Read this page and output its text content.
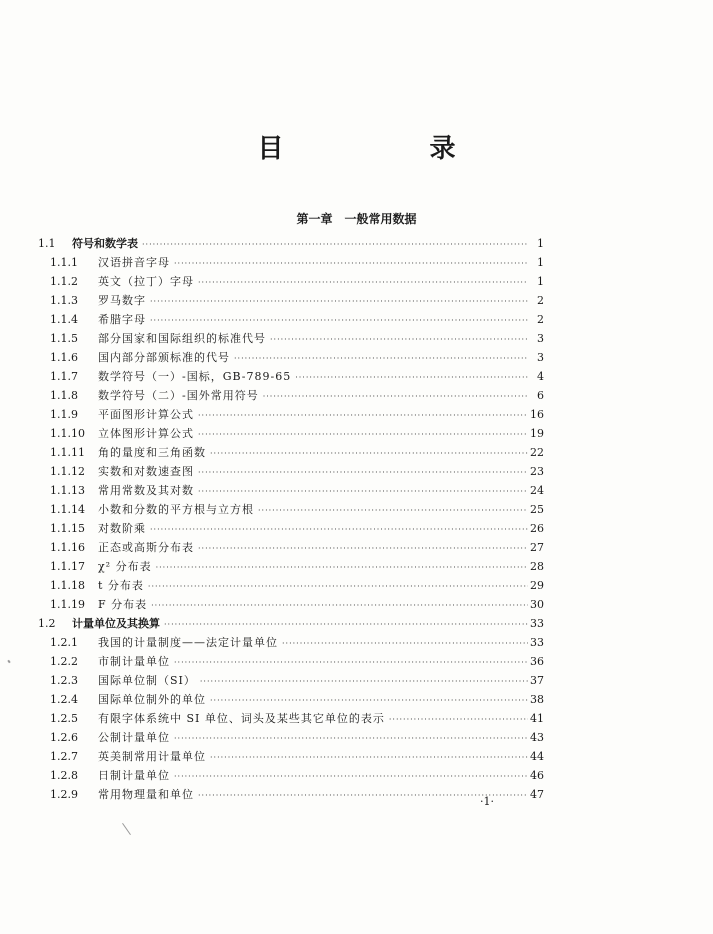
目　录
第一章　一般常用数据
1.1	符号和数学表 ·····	1
1.1.1	汉语拼音字母 ·····	1
1.1.2	英文（拉丁）字母 ·····	1
1.1.3	罗马数字 ·····	2
1.1.4	希腊字母 ·····	2
1.1.5	部分国家和国际组织的标准代号 ·····	3
1.1.6	国内部分部颁标准的代号 ·····	3
1.1.7	数学符号（一）-国标，GB-789-65 ·····	4
1.1.8	数学符号（二）-国外常用符号 ·····	6
1.1.9	平面图形计算公式 ·····	16
1.1.10	立体图形计算公式 ·····	19
1.1.11	角的量度和三角函数 ·····	22
1.1.12	实数和对数速查图 ·····	23
1.1.13	常用常数及其对数 ·····	24
1.1.14	小数和分数的平方根与立方根 ·····	25
1.1.15	对数阶乘 ·····	26
1.1.16	正态或高斯分布表 ·····	27
1.1.17	χ² 分布表 ·····	28
1.1.18	t 分布表 ·····	29
1.1.19	F 分布表 ·····	30
1.2	计量单位及其换算 ·····	33
1.2.1	我国的计量制度——法定计量单位 ·····	33
1.2.2	市制计量单位 ·····	36
1.2.3	国际单位制（SI） ·····	37
1.2.4	国际单位制外的单位 ·····	38
1.2.5	有限字体系统中 SI 单位、词头及某些其它单位的表示 ·····	41
1.2.6	公制计量单位 ·····	43
1.2.7	英美制常用计量单位 ·····	44
1.2.8	日制计量单位 ·····	46
1.2.9	常用物理量和单位 ·····	47
·1·
